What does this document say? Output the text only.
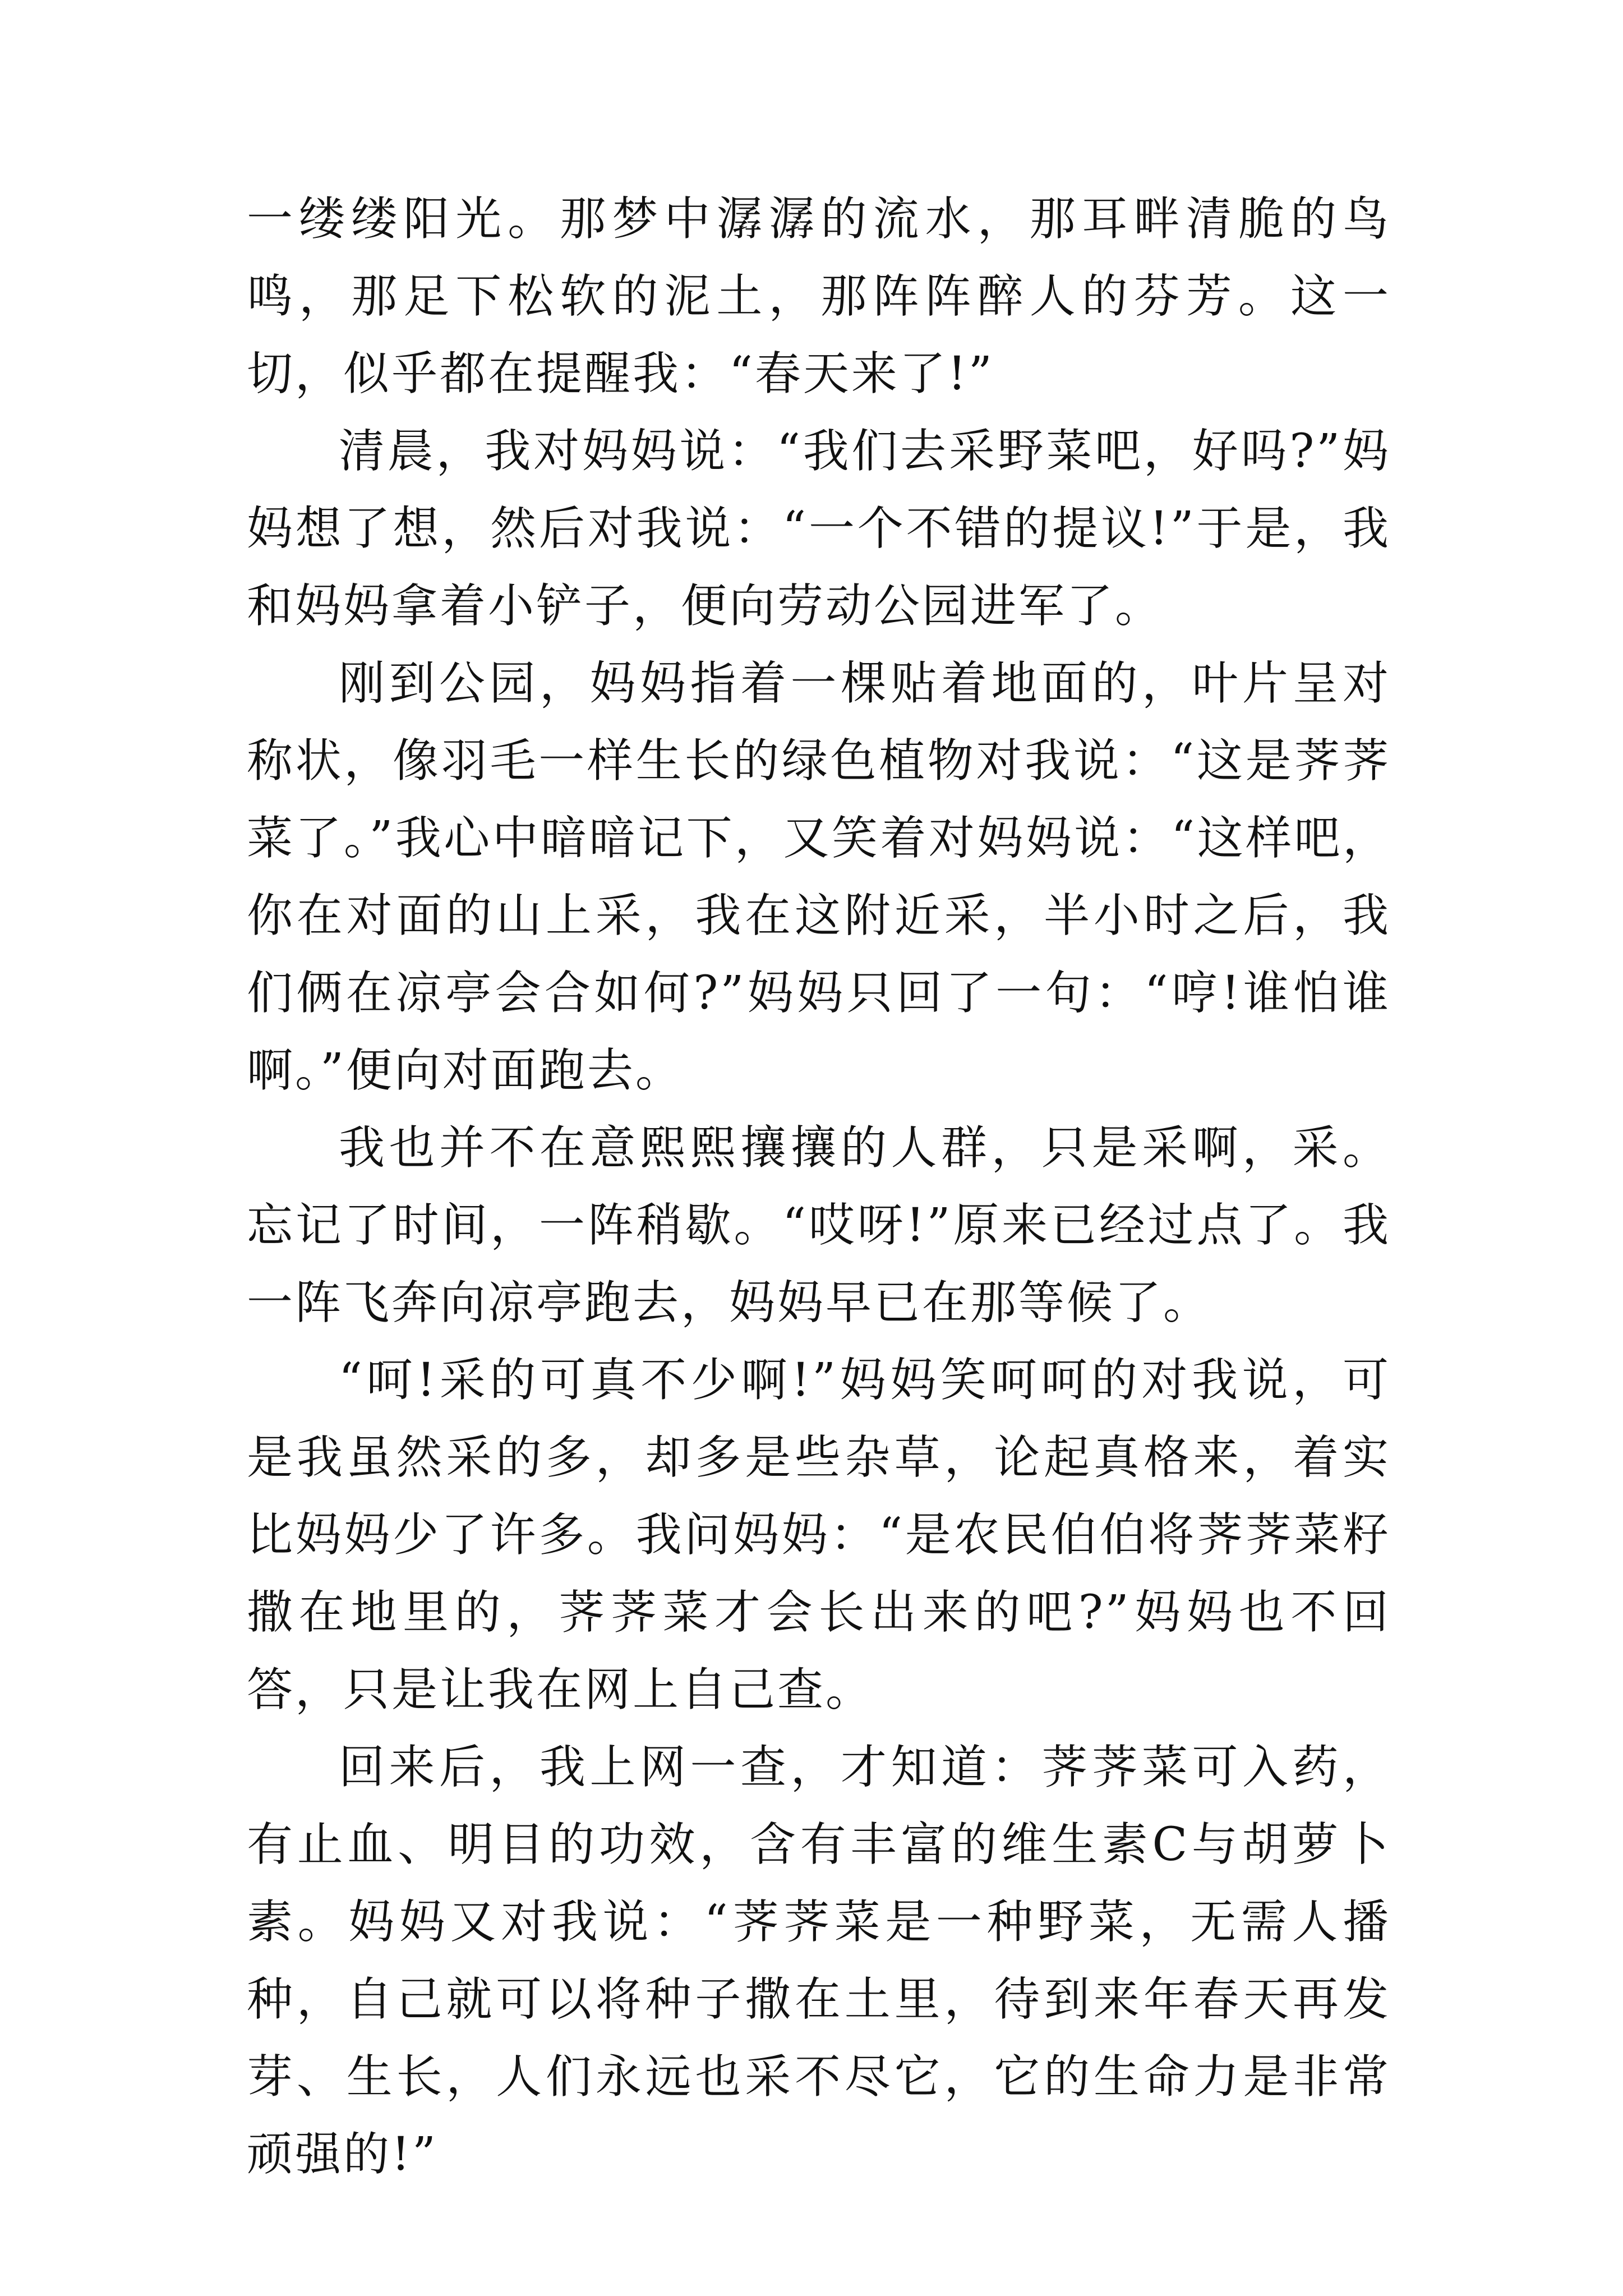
一缕缕阳光。那梦中潺潺的流水，那耳畔清脆的鸟鸣，那足下松软的泥土，那阵阵醉人的芬芳。这一切，似乎都在提醒我：“春天来了!”

清晨，我对妈妈说：“我们去采野菜吧，好吗?”妈妈想了想，然后对我说：“一个不错的提议!”于是，我和妈妈拿着小铲子，便向劳动公园进军了。

刚到公园，妈妈指着一棵贴着地面的，叶片呈对称状，像羽毛一样生长的绿色植物对我说：“这是荠荠菜了。”我心中暗暗记下，又笑着对妈妈说：“这样吧，你在对面的山上采，我在这附近采，半小时之后，我们俩在凉亭会合如何?”妈妈只回了一句：“哼!谁怕谁啊。”便向对面跑去。

我也并不在意熙熙攘攘的人群，只是采啊，采。忘记了时间，一阵稍歇。“哎呀!”原来已经过点了。我一阵飞奔向凉亭跑去，妈妈早已在那等候了。

“呵!采的可真不少啊!”妈妈笑呵呵的对我说，可是我虽然采的多，却多是些杂草，论起真格来，着实比妈妈少了许多。我问妈妈：“是农民伯伯将荠荠菜籽撒在地里的，荠荠菜才会长出来的吧?”妈妈也不回答，只是让我在网上自己查。

回来后，我上网一查，才知道：荠荠菜可入药，有止血、明目的功效，含有丰富的维生素C与胡萝卜素。妈妈又对我说：“荠荠菜是一种野菜，无需人播种，自己就可以将种子撒在土里，待到来年春天再发芽、生长，人们永远也采不尽它，它的生命力是非常顽强的!”
